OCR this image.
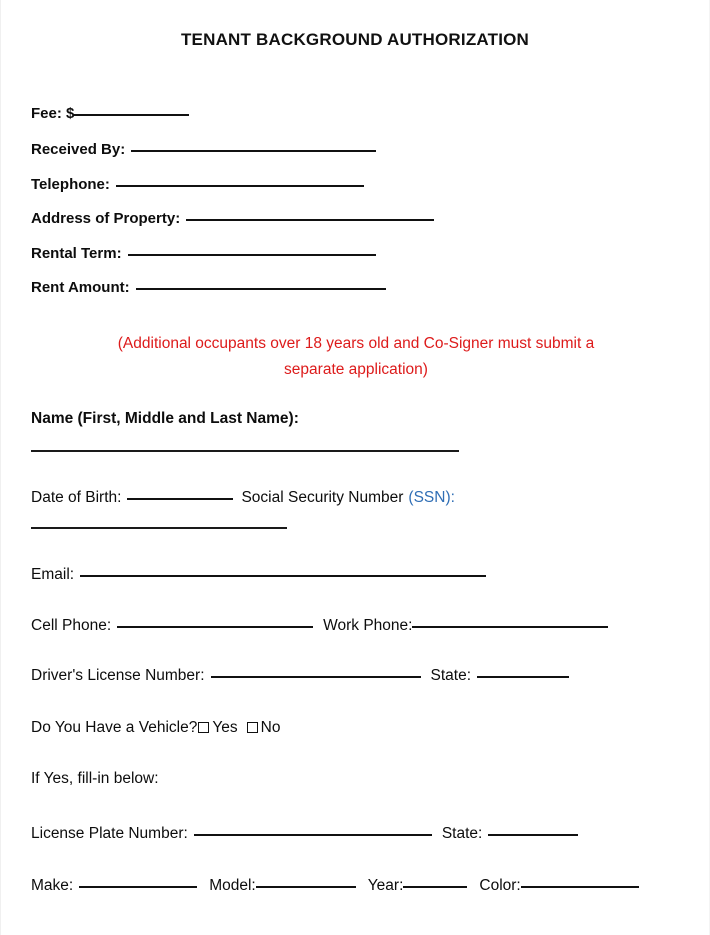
TENANT BACKGROUND AUTHORIZATION
Fee: $
Received By:
Telephone:
Address of Property:
Rental Term:
Rent Amount:
(Additional occupants over 18 years old and Co-Signer must submit a
separate application)
Name (First, Middle and Last Name):
Date of Birth:	Social Security Number (SSN):
Email:
Cell Phone:	Work Phone:
Driver's License Number:	State:
Do You Have a Vehicle? Yes No
If Yes, fill-in below:
License Plate Number:	State:
Make:	Model:	Year:	Color:
